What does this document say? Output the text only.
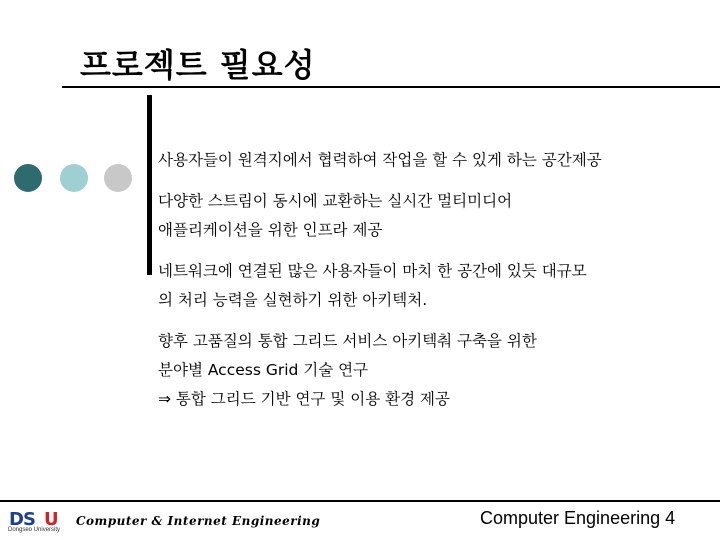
프로젝트 필요성

사용자들이 원격지에서 협력하여 작업을 할 수 있게 하는 공간제공

다양한 스트림이 동시에 교환하는 실시간 멀티미디어

애플리케이션을 위한 인프라 제공

네트워크에 연결된 많은 사용자들이 마치 한 공간에 있듯 대규모

의 처리 능력을 실현하기 위한 아키텍처.

향후 고품질의 통합 그리드 서비스 아키텍춰 구축을 위한

분야별 Access Grid 기술 연구

⇒ 통합 그리드 기반 연구 및 이용 환경 제공

DS U
Dongseo University
Computer & Internet Engineering	Computer Engineering 4
